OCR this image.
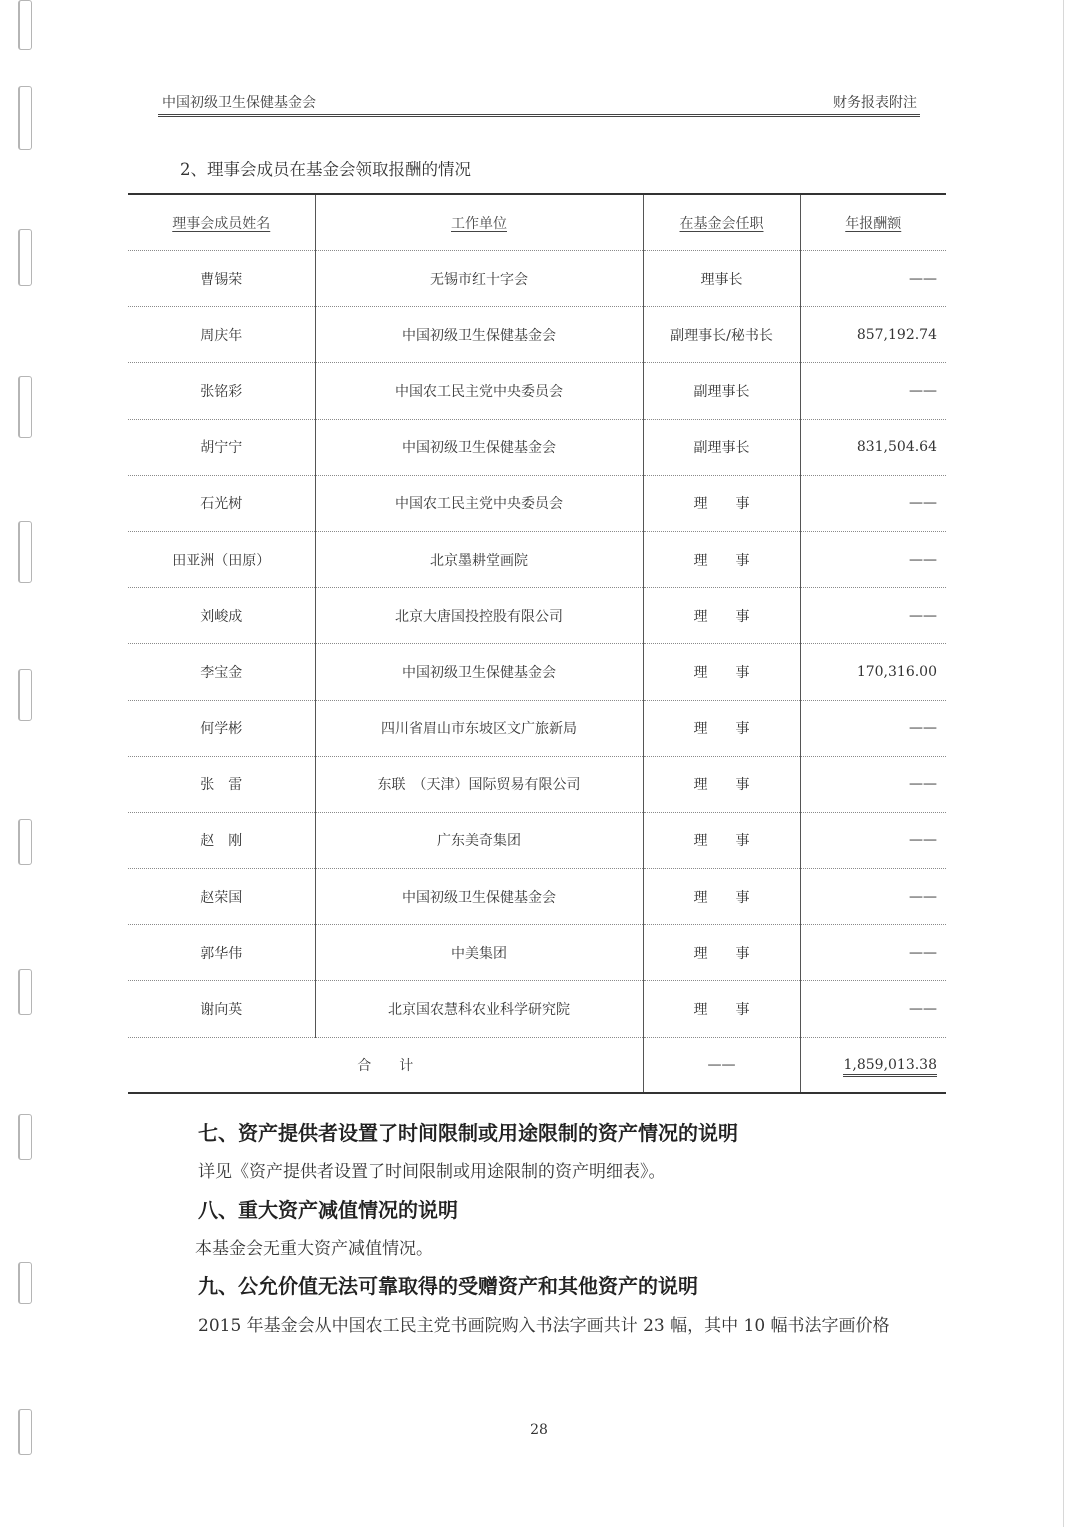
中国初级卫生保健基金会	财务报表附注
2、理事会成员在基金会领取报酬的情况
理事会成员姓名	工作单位	在基金会任职	年报酬额
曹锡荣	无锡市红十字会	理事长	——
周庆年	中国初级卫生保健基金会	副理事长/秘书长	857,192.74
张铭彩	中国农工民主党中央委员会	副理事长	——
胡宁宁	中国初级卫生保健基金会	副理事长	831,504.64
石光树	中国农工民主党中央委员会	理　　事	——
田亚洲（田原）	北京墨耕堂画院	理　　事	——
刘峻成	北京大唐国投控股有限公司	理　　事	——
李宝金	中国初级卫生保健基金会	理　　事	170,316.00
何学彬	四川省眉山市东坡区文广旅新局	理　　事	——
张　雷	东联　（天津）国际贸易有限公司	理　　事	——
赵　刚	广东美奇集团	理　　事	——
赵荣国	中国初级卫生保健基金会	理　　事	——
郭华伟	中美集团	理　　事	——
谢向英	北京国农慧科农业科学研究院	理　　事	——
合　　计		——	1,859,013.38
七、资产提供者设置了时间限制或用途限制的资产情况的说明
详见《资产提供者设置了时间限制或用途限制的资产明细表》。
八、重大资产减值情况的说明
本基金会无重大资产减值情况。
九、公允价值无法可靠取得的受赠资产和其他资产的说明
2015 年基金会从中国农工民主党书画院购入书法字画共计 23 幅，其中 10 幅书法字画价格
28
